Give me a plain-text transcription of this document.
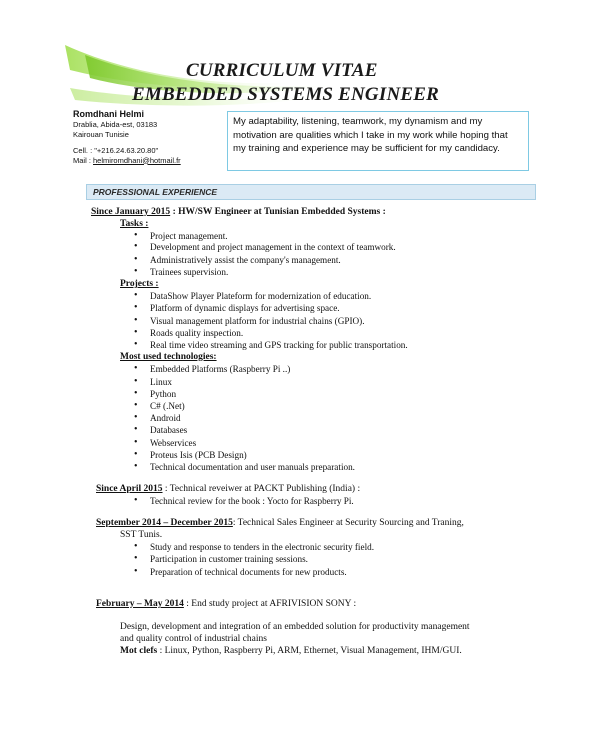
CURRICULUM VITAE
EMBEDDED SYSTEMS ENGINEER
Romdhani Helmi
Drablia, Abida-est, 03183
Kairouan Tunisie
Cell. : "+216.24.63.20.80"
Mail : helmiromdhani@hotmail.fr
My adaptability, listening, teamwork, my dynamism and my motivation are qualities which I take in my work while hoping that my training and experience may be sufficient for my candidacy.
PROFESSIONAL EXPERIENCE
Since January 2015 : HW/SW Engineer at Tunisian Embedded Systems :
Tasks :
• Project management.
• Development and project management in the context of teamwork.
• Administratively assist the company's management.
• Trainees supervision.
Projects :
• DataShow Player Plateform for modernization of education.
• Platform of dynamic displays for advertising space.
• Visual management platform for industrial chains (GPIO).
• Roads quality inspection.
• Real time video streaming and GPS tracking for public transportation.
Most used technologies:
• Embedded Platforms (Raspberry Pi ..)
• Linux
• Python
• C# (.Net)
• Android
• Databases
• Webservices
• Proteus Isis (PCB Design)
• Technical documentation and user manuals preparation.
Since April 2015 : Technical reveiwer at PACKT Publishing (India) :
• Technical review for the book : Yocto for Raspberry Pi.
September 2014 – December 2015: Technical Sales Engineer at Security Sourcing and Traning,
SST Tunis.
• Study and response to tenders in the electronic security field.
• Participation in customer training sessions.
• Preparation of technical documents for new products.
February – May 2014 : End study project at AFRIVISION SONY :
Design, development and integration of an embedded solution for productivity management
and quality control of industrial chains
Mot clefs : Linux, Python, Raspberry Pi, ARM, Ethernet, Visual Management, IHM/GUI.
